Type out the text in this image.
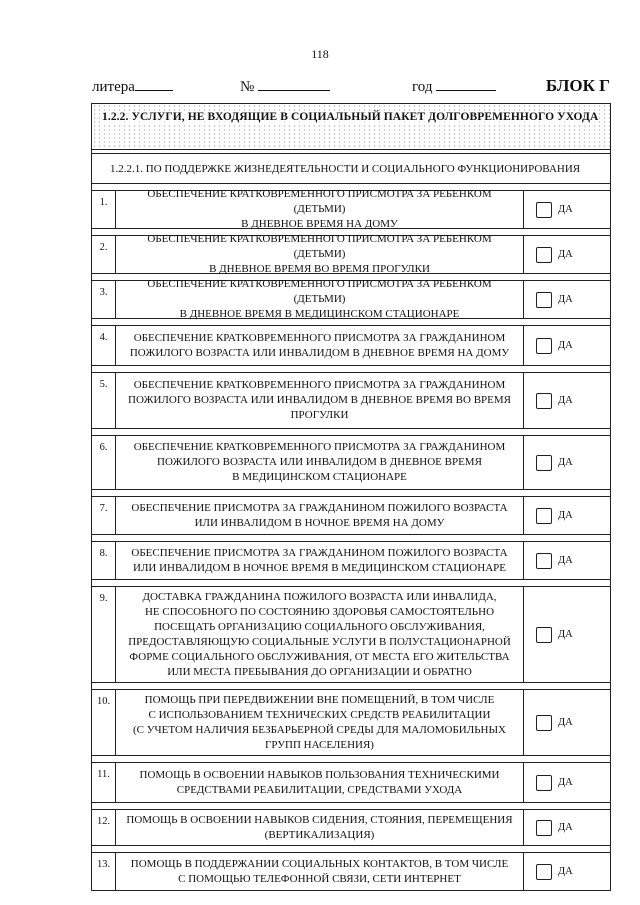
118
литера	№	год	БЛОК Г
1.2.2. УСЛУГИ, НЕ ВХОДЯЩИЕ В СОЦИАЛЬНЫЙ ПАКЕТ ДОЛГОВРЕМЕННОГО УХОДА
1.2.2.1. ПО ПОДДЕРЖКЕ ЖИЗНЕДЕЯТЕЛЬНОСТИ И СОЦИАЛЬНОГО ФУНКЦИОНИРОВАНИЯ
1.
ОБЕСПЕЧЕНИЕ КРАТКОВРЕМЕННОГО ПРИСМОТРА ЗА РЕБЕНКОМ (ДЕТЬМИ)
В ДНЕВНОЕ ВРЕМЯ НА ДОМУ
ДА
2.
ОБЕСПЕЧЕНИЕ КРАТКОВРЕМЕННОГО ПРИСМОТРА ЗА РЕБЕНКОМ (ДЕТЬМИ)
В ДНЕВНОЕ ВРЕМЯ ВО ВРЕМЯ ПРОГУЛКИ
ДА
3.
ОБЕСПЕЧЕНИЕ КРАТКОВРЕМЕННОГО ПРИСМОТРА ЗА РЕБЕНКОМ (ДЕТЬМИ)
В ДНЕВНОЕ ВРЕМЯ В МЕДИЦИНСКОМ СТАЦИОНАРЕ
ДА
4.	ОБЕСПЕЧЕНИЕ КРАТКОВРЕМЕННОГО ПРИСМОТРА ЗА ГРАЖДАНИНОМ
ПОЖИЛОГО ВОЗРАСТА ИЛИ ИНВАЛИДОМ В ДНЕВНОЕ ВРЕМЯ НА ДОМУ
ДА
5.	ОБЕСПЕЧЕНИЕ КРАТКОВРЕМЕННОГО ПРИСМОТРА ЗА ГРАЖДАНИНОМ
ПОЖИЛОГО ВОЗРАСТА ИЛИ ИНВАЛИДОМ В ДНЕВНОЕ ВРЕМЯ ВО ВРЕМЯ
ПРОГУЛКИ
ДА
6.	ОБЕСПЕЧЕНИЕ КРАТКОВРЕМЕННОГО ПРИСМОТРА ЗА ГРАЖДАНИНОМ
ПОЖИЛОГО ВОЗРАСТА ИЛИ ИНВАЛИДОМ В ДНЕВНОЕ ВРЕМЯ
В МЕДИЦИНСКОМ СТАЦИОНАРЕ
ДА
7.	ОБЕСПЕЧЕНИЕ ПРИСМОТРА ЗА ГРАЖДАНИНОМ ПОЖИЛОГО ВОЗРАСТА
ИЛИ ИНВАЛИДОМ В НОЧНОЕ ВРЕМЯ НА ДОМУ
ДА
8.	ОБЕСПЕЧЕНИЕ ПРИСМОТРА ЗА ГРАЖДАНИНОМ ПОЖИЛОГО ВОЗРАСТА
ИЛИ ИНВАЛИДОМ В НОЧНОЕ ВРЕМЯ В МЕДИЦИНСКОМ СТАЦИОНАРЕ
ДА
9.	ДОСТАВКА ГРАЖДАНИНА ПОЖИЛОГО ВОЗРАСТА ИЛИ ИНВАЛИДА,
НЕ СПОСОБНОГО ПО СОСТОЯНИЮ ЗДОРОВЬЯ САМОСТОЯТЕЛЬНО
ПОСЕЩАТЬ ОРГАНИЗАЦИЮ СОЦИАЛЬНОГО ОБСЛУЖИВАНИЯ,
ПРЕДОСТАВЛЯЮЩУЮ СОЦИАЛЬНЫЕ УСЛУГИ В ПОЛУСТАЦИОНАРНОЙ
ФОРМЕ СОЦИАЛЬНОГО ОБСЛУЖИВАНИЯ, ОТ МЕСТА ЕГО ЖИТЕЛЬСТВА
ИЛИ МЕСТА ПРЕБЫВАНИЯ ДО ОРГАНИЗАЦИИ И ОБРАТНО
ДА
10.	ПОМОЩЬ ПРИ ПЕРЕДВИЖЕНИИ ВНЕ ПОМЕЩЕНИЙ, В ТОМ ЧИСЛЕ
С ИСПОЛЬЗОВАНИЕМ ТЕХНИЧЕСКИХ СРЕДСТВ РЕАБИЛИТАЦИИ
(С УЧЕТОМ НАЛИЧИЯ БЕЗБАРЬЕРНОЙ СРЕДЫ ДЛЯ МАЛОМОБИЛЬНЫХ
ГРУПП НАСЕЛЕНИЯ)
ДА
11.	ПОМОЩЬ В ОСВОЕНИИ НАВЫКОВ ПОЛЬЗОВАНИЯ ТЕХНИЧЕСКИМИ
СРЕДСТВАМИ РЕАБИЛИТАЦИИ, СРЕДСТВАМИ УХОДА
ДА
12.	ПОМОЩЬ В ОСВОЕНИИ НАВЫКОВ СИДЕНИЯ, СТОЯНИЯ, ПЕРЕМЕЩЕНИЯ
(ВЕРТИКАЛИЗАЦИЯ)
ДА
13.	ПОМОЩЬ В ПОДДЕРЖАНИИ СОЦИАЛЬНЫХ КОНТАКТОВ, В ТОМ ЧИСЛЕ
С ПОМОЩЬЮ ТЕЛЕФОННОЙ СВЯЗИ, СЕТИ ИНТЕРНЕТ
ДА
